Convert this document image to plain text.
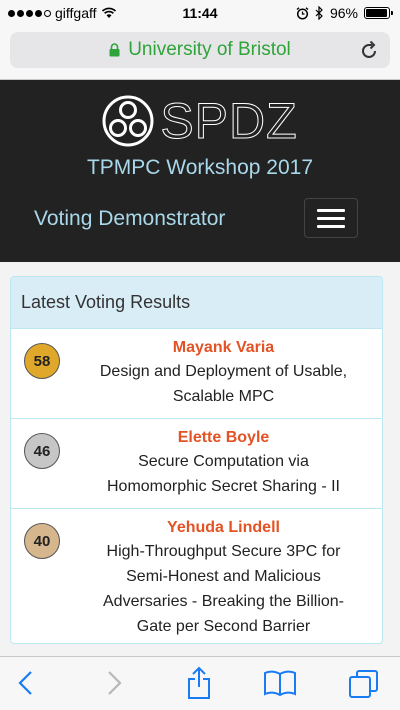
giffgaff	11:44	96%
University of Bristol
SPDZ
TPMPC Workshop 2017
Voting Demonstrator
Latest Voting Results
58
Mayank Varia
Design and Deployment of Usable,
Scalable MPC
46
Elette Boyle
Secure Computation via
Homomorphic Secret Sharing - II
40
Yehuda Lindell
High-Throughput Secure 3PC for
Semi-Honest and Malicious
Adversaries - Breaking the Billion-
Gate per Second Barrier
